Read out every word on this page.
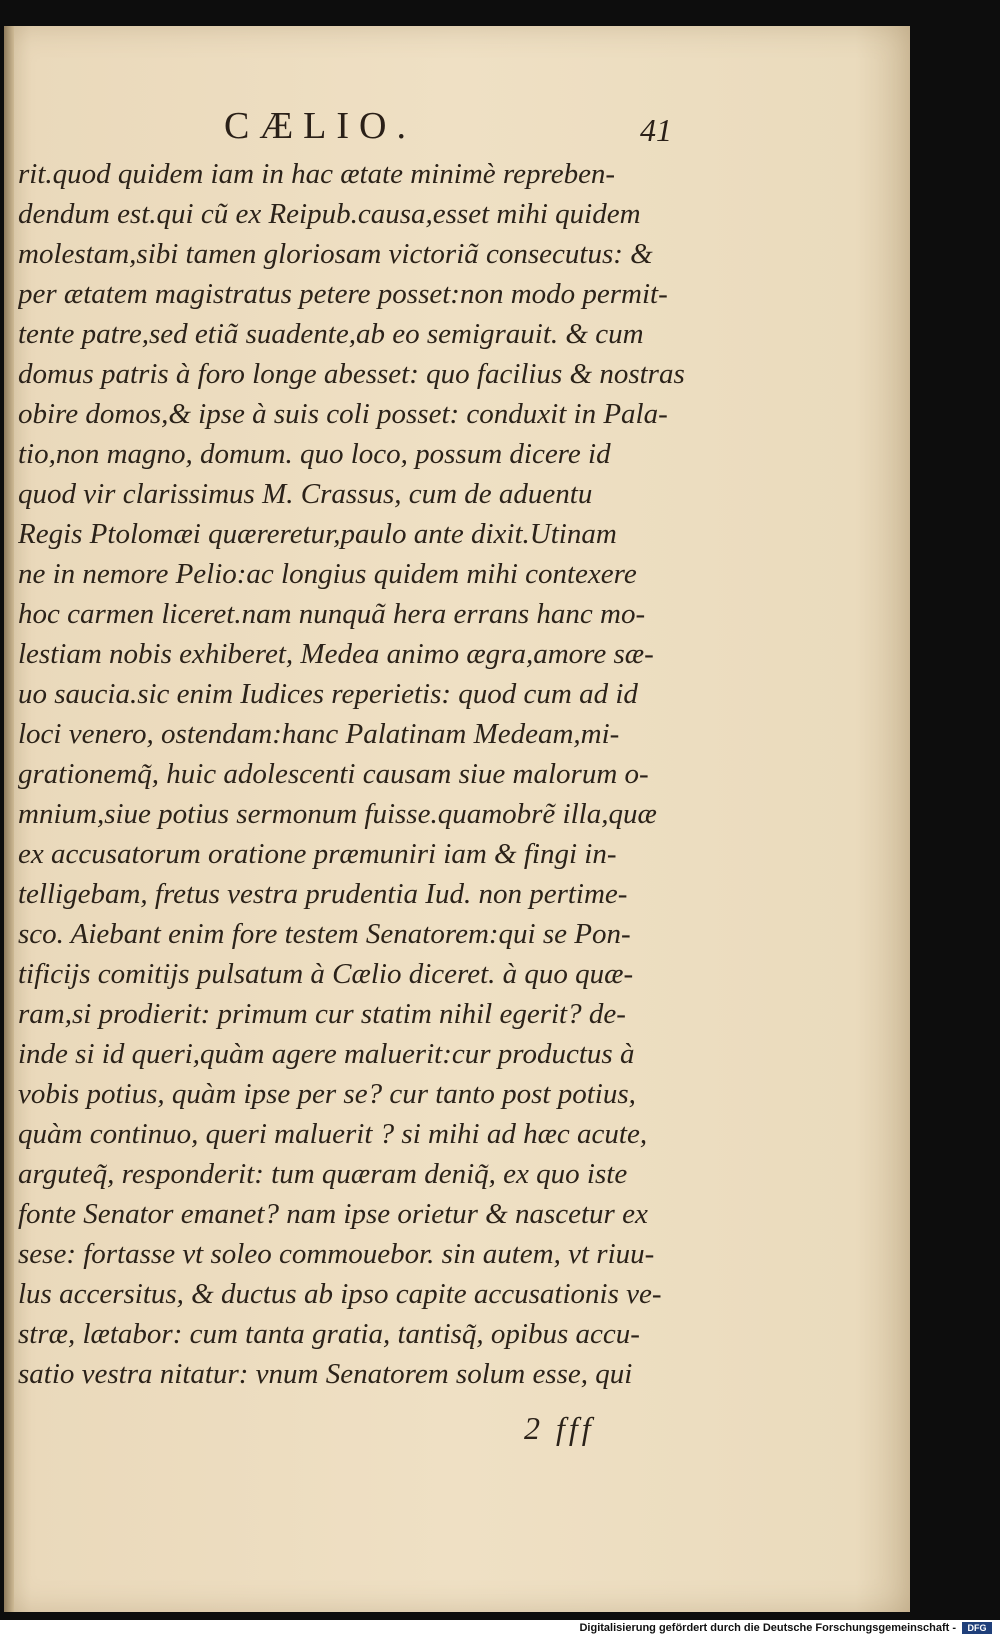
CÆLIO.	41
rit.quod quidem iam in hac ætate minimè repreben-
dendum est.qui cũ ex Reipub.causa,esset mihi quidem
molestam,sibi tamen gloriosam victoriã consecutus: &
per ætatem magistratus petere posset:non modo permit-
tente patre,sed etiã suadente,ab eo semigrauit. & cum
domus patris à foro longe abesset: quo facilius & nostras
obire domos,& ipse à suis coli posset: conduxit in Pala-
tio,non magno, domum. quo loco, possum dicere id
quod vir clarissimus M. Crassus, cum de aduentu
Regis Ptolomæi quæreretur,paulo ante dixit.Utinam
ne in nemore Pelio:ac longius quidem mihi contexere
hoc carmen liceret.nam nunquã hera errans hanc mo-
lestiam nobis exhiberet, Medea animo ægra,amore sæ-
uo saucia.sic enim Iudices reperietis: quod cum ad id
loci venero, ostendam:hanc Palatinam Medeam,mi-
grationemq̃, huic adolescenti causam siue malorum o-
mnium,siue potius sermonum fuisse.quamobrẽ illa,quæ
ex accusatorum oratione præmuniri iam & fingi in-
telligebam, fretus vestra prudentia Iud. non pertime-
sco. Aiebant enim fore testem Senatorem:qui se Pon-
tificijs comitijs pulsatum à Cælio diceret. à quo quæ-
ram,si prodierit: primum cur statim nihil egerit? de-
inde si id queri,quàm agere maluerit:cur productus à
vobis potius, quàm ipse per se? cur tanto post potius,
quàm continuo, queri maluerit ? si mihi ad hæc acute,
arguteq̃, responderit: tum quæram deniq̃, ex quo iste
fonte Senator emanet? nam ipse orietur & nascetur ex
sese: fortasse vt soleo commouebor. sin autem, vt riuu-
lus accersitus, & ductus ab ipso capite accusationis ve-
stræ, lætabor: cum tanta gratia, tantisq̃, opibus accu-
satio vestra nitatur: vnum Senatorem solum esse, qui
2 fff
Digitalisierung gefördert durch die Deutsche Forschungsgemeinschaft -	DFG
